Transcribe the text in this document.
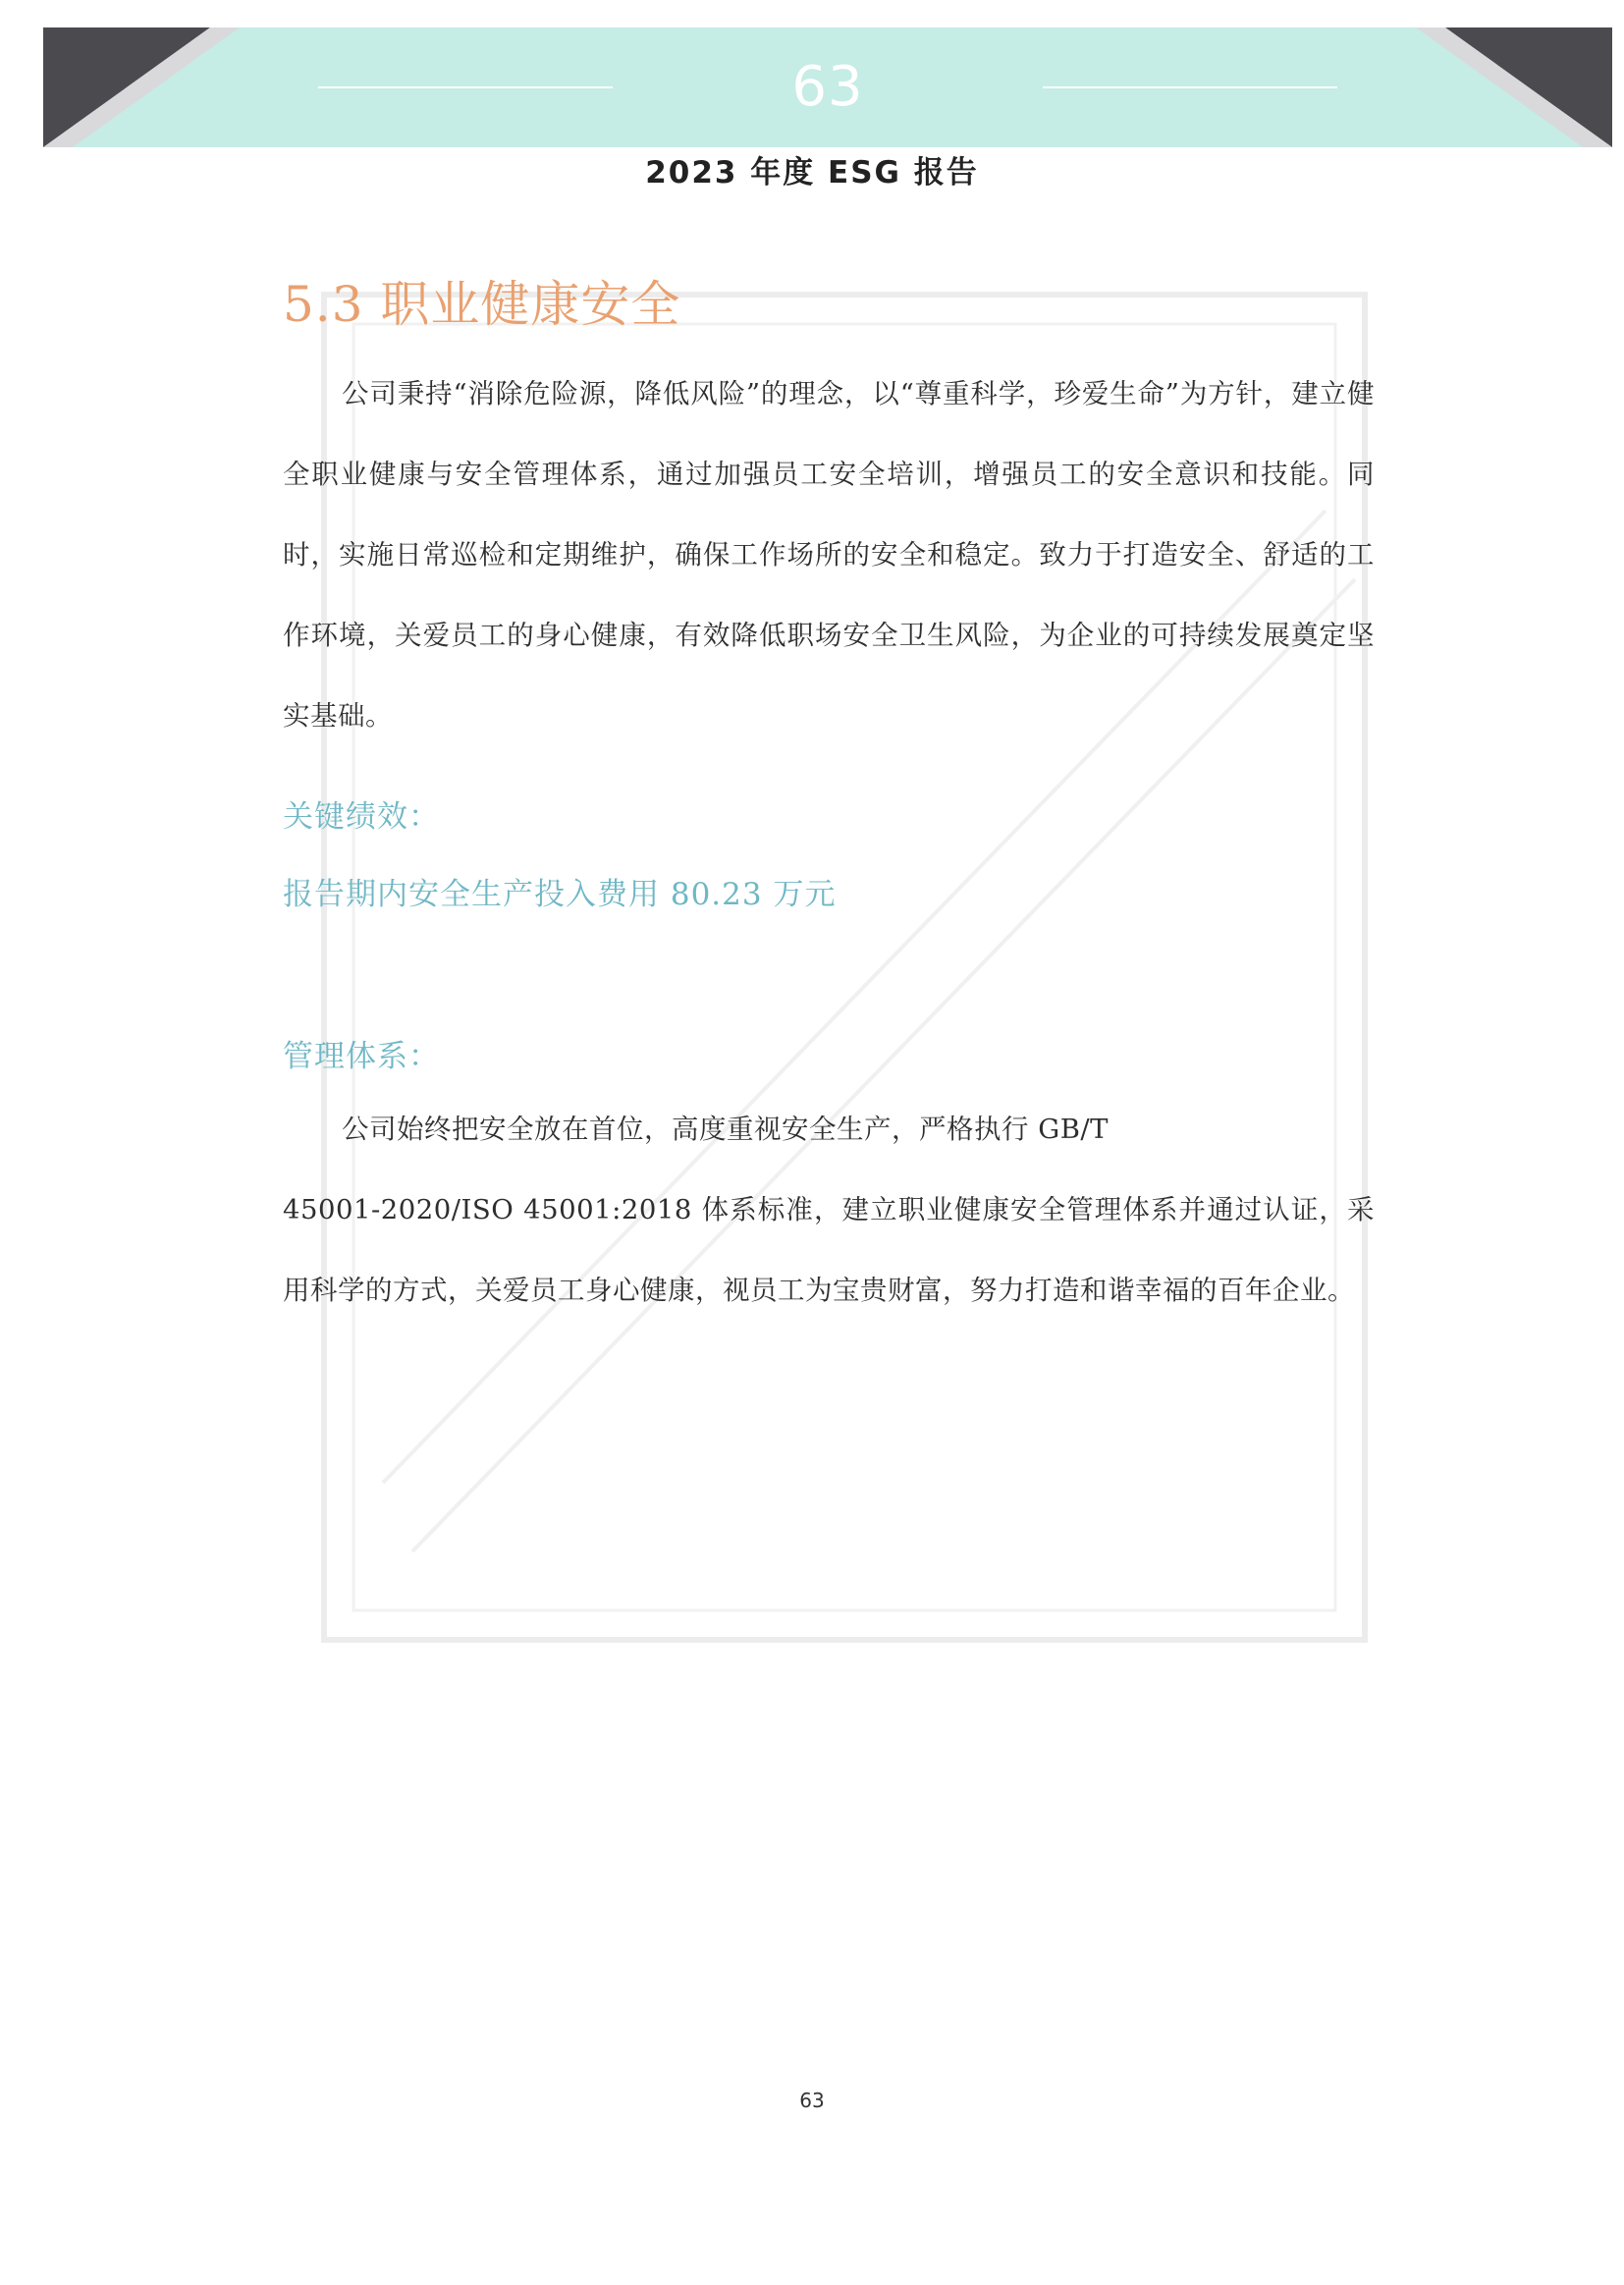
63
2023 年度 ESG 报告
5.3 职业健康安全

公司秉持“消除危险源，降低风险”的理念，以“尊重科学，珍爱生命”为方针，建立健全职业健康与安全管理体系，通过加强员工安全培训，增强员工的安全意识和技能。同时，实施日常巡检和定期维护，确保工作场所的安全和稳定。致力于打造安全、舒适的工作环境，关爱员工的身心健康，有效降低职场安全卫生风险，为企业的可持续发展奠定坚实基础。

关键绩效：

报告期内安全生产投入费用 80.23 万元

管理体系：

公司始终把安全放在首位，高度重视安全生产，严格执行 GB/T

45001-2020/ISO 45001:2018 体系标准，建立职业健康安全管理体系并通过认证，采用科学的方式，关爱员工身心健康，视员工为宝贵财富，努力打造和谐幸福的百年企业。

63
